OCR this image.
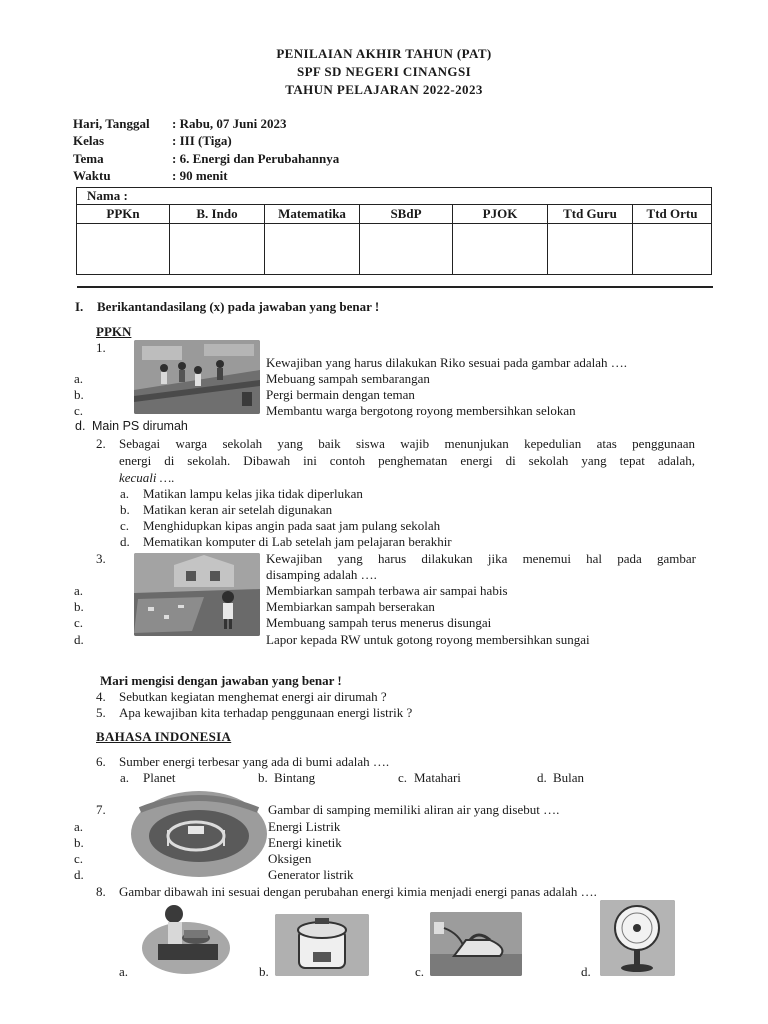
PENILAIAN AKHIR TAHUN (PAT)
SPF SD NEGERI CINANGSI
TAHUN PELAJARAN 2022-2023
Hari, Tanggal : Rabu, 07 Juni 2023
Kelas	: III (Tiga)
Tema	: 6. Energi dan Perubahannya
Waktu	: 90 menit
Nama :						
PPKn	B. Indo	Matematika	SBdP	PJOK	Ttd Guru	Ttd Ortu

I. Berikantandasilang (x) pada jawaban yang benar !
PPKN
1.
Kewajiban yang harus dilakukan Riko sesuai pada gambar adalah ….
a.	Mebuang sampah sembarangan
b.	Pergi bermain dengan teman
c.	Membantu warga bergotong royong membersihkan selokan
d. Main PS dirumah
2. Sebagai warga sekolah yang baik siswa wajib menunjukan kepedulian atas penggunaan
energi di sekolah. Dibawah ini contoh penghematan energi di sekolah yang tepat adalah,
kecuali ….
a. Matikan lampu kelas jika tidak diperlukan
b. Matikan keran air setelah digunakan
c. Menghidupkan kipas angin pada saat jam pulang sekolah
d. Mematikan komputer di Lab setelah jam pelajaran berakhir
3.	Kewajiban yang harus dilakukan jika menemui hal pada gambar
disamping adalah ….
a.	Membiarkan sampah terbawa air sampai habis
b.	Membiarkan sampah berserakan
c.	Membuang sampah terus menerus disungai
d.	Lapor kepada RW untuk gotong royong membersihkan sungai
Mari mengisi dengan jawaban yang benar !
4. Sebutkan kegiatan menghemat energi air dirumah ?
5. Apa kewajiban kita terhadap penggunaan energi listrik ?
BAHASA INDONESIA
6. Sumber energi terbesar yang ada di bumi adalah ….
a. Planet	b. Bintang	c. Matahari	d. Bulan
7.	Gambar di samping memiliki aliran air yang disebut ….
a.	Energi Listrik
b.	Energi kinetik
c.	Oksigen
d.	Generator listrik
8. Gambar dibawah ini sesuai dengan perubahan energi kimia menjadi energi panas adalah ….
a.	b.	c.	d.
